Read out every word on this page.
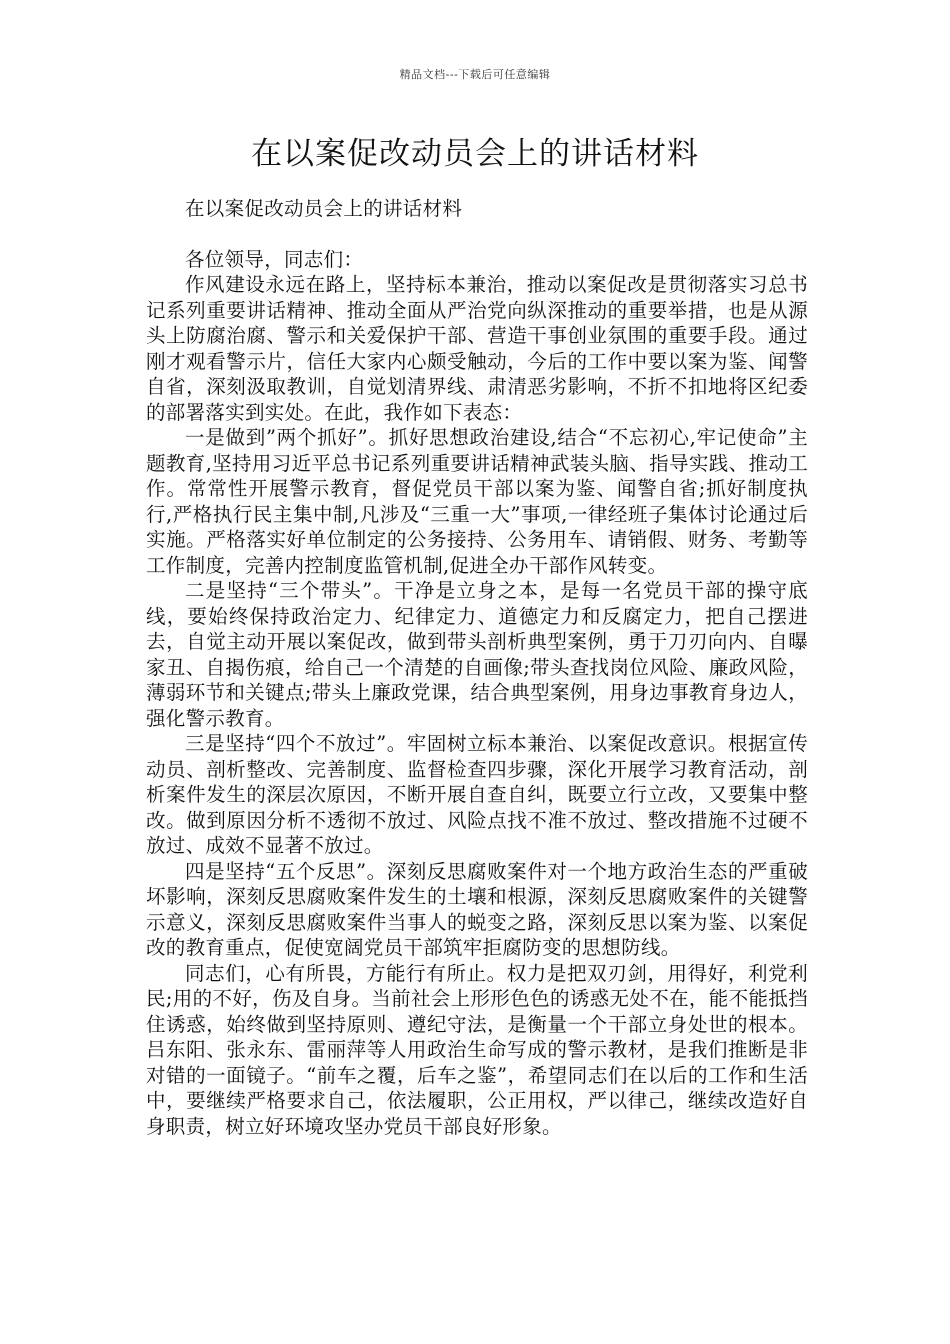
精品文档---下载后可任意编辑
在以案促改动员会上的讲话材料

在以案促改动员会上的讲话材料

各位领导，同志们：

作风建设永远在路上，坚持标本兼治，推动以案促改是贯彻落实习总书记系列重要讲话精神、推动全面从严治党向纵深推动的重要举措，也是从源头上防腐治腐、警示和关爱保护干部、营造干事创业氛围的重要手段。通过刚才观看警示片，信任大家内心颇受触动，今后的工作中要以案为鉴、闻警自省，深刻汲取教训，自觉划清界线、肃清恶劣影响，不折不扣地将区纪委的部署落实到实处。在此，我作如下表态：

一是做到”两个抓好”。抓好思想政治建设,结合“不忘初心,牢记使命”主题教育,坚持用习近平总书记系列重要讲话精神武装头脑、指导实践、推动工作。常常性开展警示教育，督促党员干部以案为鉴、闻警自省;抓好制度执行,严格执行民主集中制,凡涉及“三重一大”事项,一律经班子集体讨论通过后实施。严格落实好单位制定的公务接持、公务用车、请销假、财务、考勤等工作制度，完善内控制度监管机制,促进全办干部作风转变。

二是坚持“三个带头”。干净是立身之本，是每一名党员干部的操守底线，要始终保持政治定力、纪律定力、道德定力和反腐定力，把自己摆进去，自觉主动开展以案促改，做到带头剖析典型案例，勇于刀刃向内、自曝家丑、自揭伤痕，给自己一个清楚的自画像;带头查找岗位风险、廉政风险，薄弱环节和关键点;带头上廉政党课，结合典型案例，用身边事教育身边人，强化警示教育。

三是坚持“四个不放过”。牢固树立标本兼治、以案促改意识。根据宣传动员、剖析整改、完善制度、监督检查四步骤，深化开展学习教育活动，剖析案件发生的深层次原因，不断开展自查自纠，既要立行立改，又要集中整改。做到原因分析不透彻不放过、风险点找不准不放过、整改措施不过硬不放过、成效不显著不放过。

四是坚持“五个反思”。深刻反思腐败案件对一个地方政治生态的严重破坏影响，深刻反思腐败案件发生的土壤和根源，深刻反思腐败案件的关键警示意义，深刻反思腐败案件当事人的蜕变之路，深刻反思以案为鉴、以案促改的教育重点，促使宽阔党员干部筑牢拒腐防变的思想防线。

同志们，心有所畏，方能行有所止。权力是把双刃剑，用得好，利党利民;用的不好，伤及自身。当前社会上形形色色的诱惑无处不在，能不能抵挡住诱惑，始终做到坚持原则、遵纪守法，是衡量一个干部立身处世的根本。吕东阳、张永东、雷丽萍等人用政治生命写成的警示教材，是我们推断是非对错的一面镜子。“前车之覆，后车之鉴”，希望同志们在以后的工作和生活中，要继续严格要求自己，依法履职，公正用权，严以律己，继续改造好自身职责，树立好环境攻坚办党员干部良好形象。
